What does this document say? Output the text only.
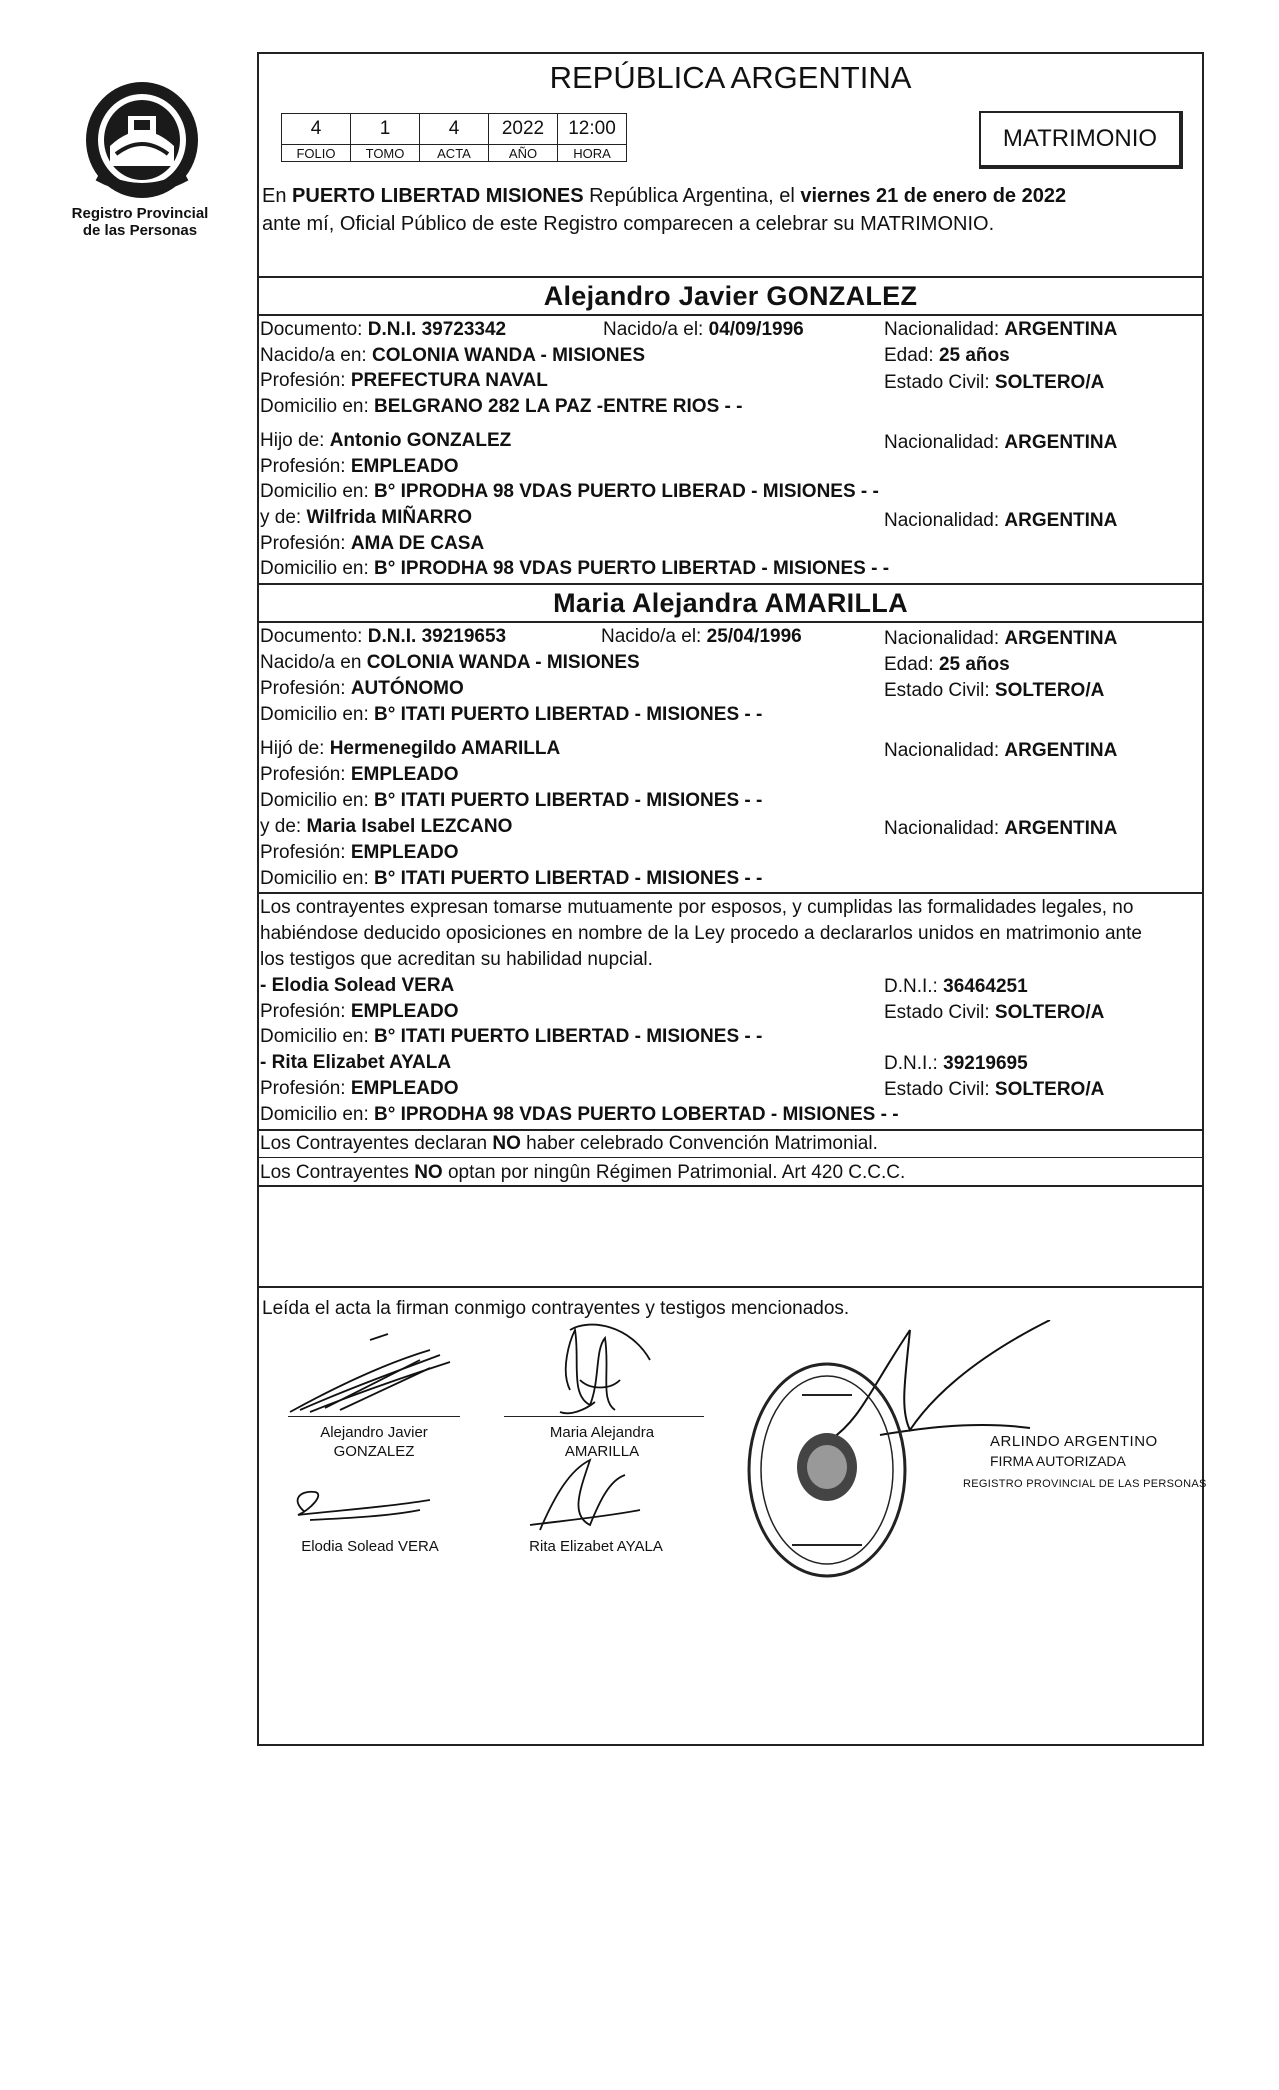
Registro Provincial
de las Personas
REPÚBLICA ARGENTINA
4	1	4	2022	12:00
FOLIO	TOMO	ACTA	AÑO	HORA
MATRIMONIO
En PUERTO LIBERTAD MISIONES República Argentina, el viernes 21 de enero de 2022
ante mí, Oficial Público de este Registro comparecen a celebrar su MATRIMONIO.
Alejandro Javier GONZALEZ
Documento: D.N.I. 39723342	Nacido/a el: 04/09/1996	Nacionalidad: ARGENTINA
Nacido/a en: COLONIA WANDA - MISIONES	Edad: 25 años
Profesión: PREFECTURA NAVAL	Estado Civil: SOLTERO/A
Domicilio en: BELGRANO 282 LA PAZ -ENTRE RIOS - -
Hijo de: Antonio GONZALEZ	Nacionalidad: ARGENTINA
Profesión: EMPLEADO
Domicilio en: B° IPRODHA 98 VDAS PUERTO LIBERAD - MISIONES - -
y de: Wilfrida MIÑARRO	Nacionalidad: ARGENTINA
Profesión: AMA DE CASA
Domicilio en: B° IPRODHA 98 VDAS PUERTO LIBERTAD - MISIONES - -
Maria Alejandra AMARILLA
Documento: D.N.I. 39219653	Nacido/a el: 25/04/1996	Nacionalidad: ARGENTINA
Nacido/a en COLONIA WANDA - MISIONES	Edad: 25 años
Profesión: AUTÓNOMO	Estado Civil: SOLTERO/A
Domicilio en: B° ITATI PUERTO LIBERTAD - MISIONES - -
Hijó de: Hermenegildo AMARILLA	Nacionalidad: ARGENTINA
Profesión: EMPLEADO
Domicilio en: B° ITATI PUERTO LIBERTAD - MISIONES - -
y de: Maria Isabel LEZCANO	Nacionalidad: ARGENTINA
Profesión: EMPLEADO
Domicilio en: B° ITATI PUERTO LIBERTAD - MISIONES - -
Los contrayentes expresan tomarse mutuamente por esposos, y cumplidas las formalidades legales, no
habiéndose deducido oposiciones en nombre de la Ley procedo a declararlos unidos en matrimonio ante
los testigos que acreditan su habilidad nupcial.
- Elodia Solead VERA	D.N.I.: 36464251
Profesión: EMPLEADO	Estado Civil: SOLTERO/A
Domicilio en: B° ITATI PUERTO LIBERTAD - MISIONES - -
- Rita Elizabet AYALA	D.N.I.: 39219695
Profesión: EMPLEADO	Estado Civil: SOLTERO/A
Domicilio en: B° IPRODHA 98 VDAS PUERTO LOBERTAD - MISIONES - -
Los Contrayentes declaran NO haber celebrado Convención Matrimonial.
Los Contrayentes NO optan por ningûn Régimen Patrimonial. Art 420 C.C.C.
Leída el acta la firman conmigo contrayentes y testigos mencionados.
Alejandro Javier
GONZALEZ
Maria Alejandra
AMARILLA
Elodia Solead VERA	Rita Elizabet AYALA
ARLINDO ARGENTINO
FIRMA AUTORIZADA
REGISTRO PROVINCIAL DE LAS PERSONAS
